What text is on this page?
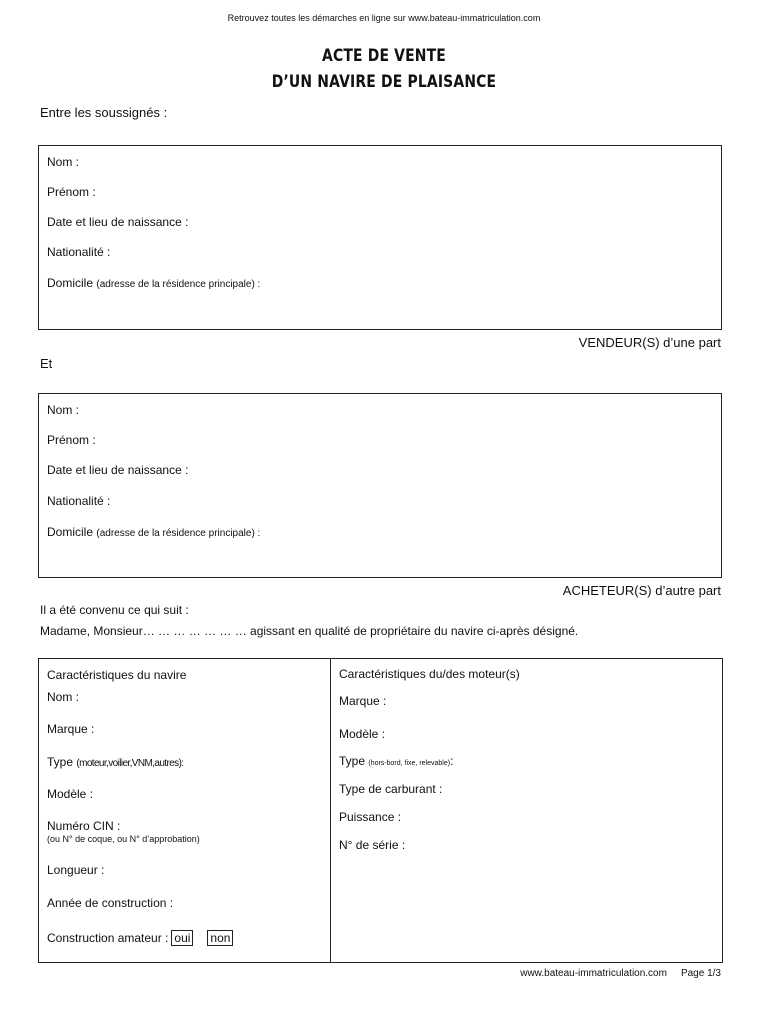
Retrouvez toutes les démarches en ligne sur www.bateau-immatriculation.com
ACTE DE VENTE
D’UN NAVIRE DE PLAISANCE
Entre les soussignés :
Nom :
Prénom :
Date et lieu de naissance :
Nationalité :
Domicile (adresse de la résidence principale) :
VENDEUR(S) d’une part
Et
Nom :
Prénom :
Date et lieu de naissance :
Nationalité :
Domicile (adresse de la résidence principale) :
ACHETEUR(S) d’autre part
Il a été convenu ce qui suit :
Madame, Monsieur… … … … … … … agissant en qualité de propriétaire du navire ci-après désigné.
Caractéristiques du navire
Nom :
Marque :
Type (moteur,voilier,VNM,autres):
Modèle :
Numéro CIN :
(ou N° de coque, ou N° d’approbation)
Longueur :
Année de construction :
Construction amateur : oui non
Caractéristiques du/des moteur(s)
Marque :
Modèle :
Type (hors-bord, fixe, relevable):
Type de carburant :
Puissance :
N° de série :
www.bateau-immatriculation.com Page 1/3
